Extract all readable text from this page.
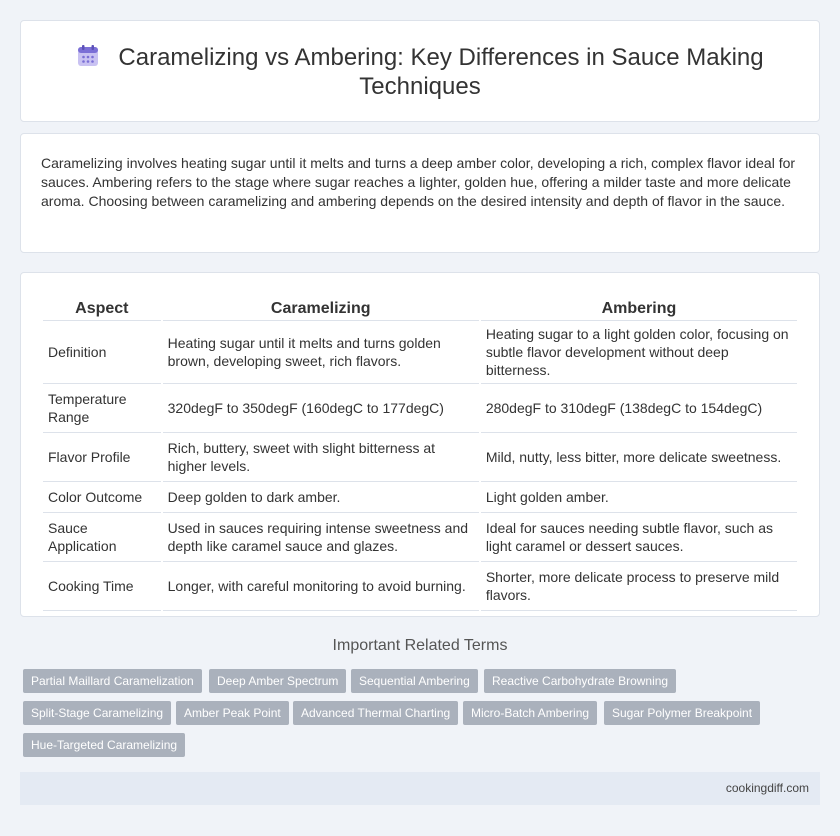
Caramelizing vs Ambering: Key Differences in Sauce Making Techniques

Caramelizing involves heating sugar until it melts and turns a deep amber color, developing a rich, complex flavor ideal for sauces. Ambering refers to the stage where sugar reaches a lighter, golden hue, offering a milder taste and more delicate aroma. Choosing between caramelizing and ambering depends on the desired intensity and depth of flavor in the sauce.

Aspect	Caramelizing	Ambering
Definition	Heating sugar until it melts and turns golden brown, developing sweet, rich flavors.	Heating sugar to a light golden color, focusing on subtle flavor development without deep bitterness.
Temperature Range	320degF to 350degF (160degC to 177degC)	280degF to 310degF (138degC to 154degC)
Flavor Profile	Rich, buttery, sweet with slight bitterness at higher levels.	Mild, nutty, less bitter, more delicate sweetness.
Color Outcome	Deep golden to dark amber.	Light golden amber.
Sauce Application	Used in sauces requiring intense sweetness and depth like caramel sauce and glazes.	Ideal for sauces needing subtle flavor, such as light caramel or dessert sauces.
Cooking Time	Longer, with careful monitoring to avoid burning.	Shorter, more delicate process to preserve mild flavors.
Important Related Terms
Partial Maillard Caramelization	Deep Amber Spectrum	Sequential Ambering	Reactive Carbohydrate Browning
Split-Stage Caramelizing	Amber Peak Point	Advanced Thermal Charting	Micro-Batch Ambering	Sugar Polymer Breakpoint
Hue-Targeted Caramelizing
cookingdiff.com
